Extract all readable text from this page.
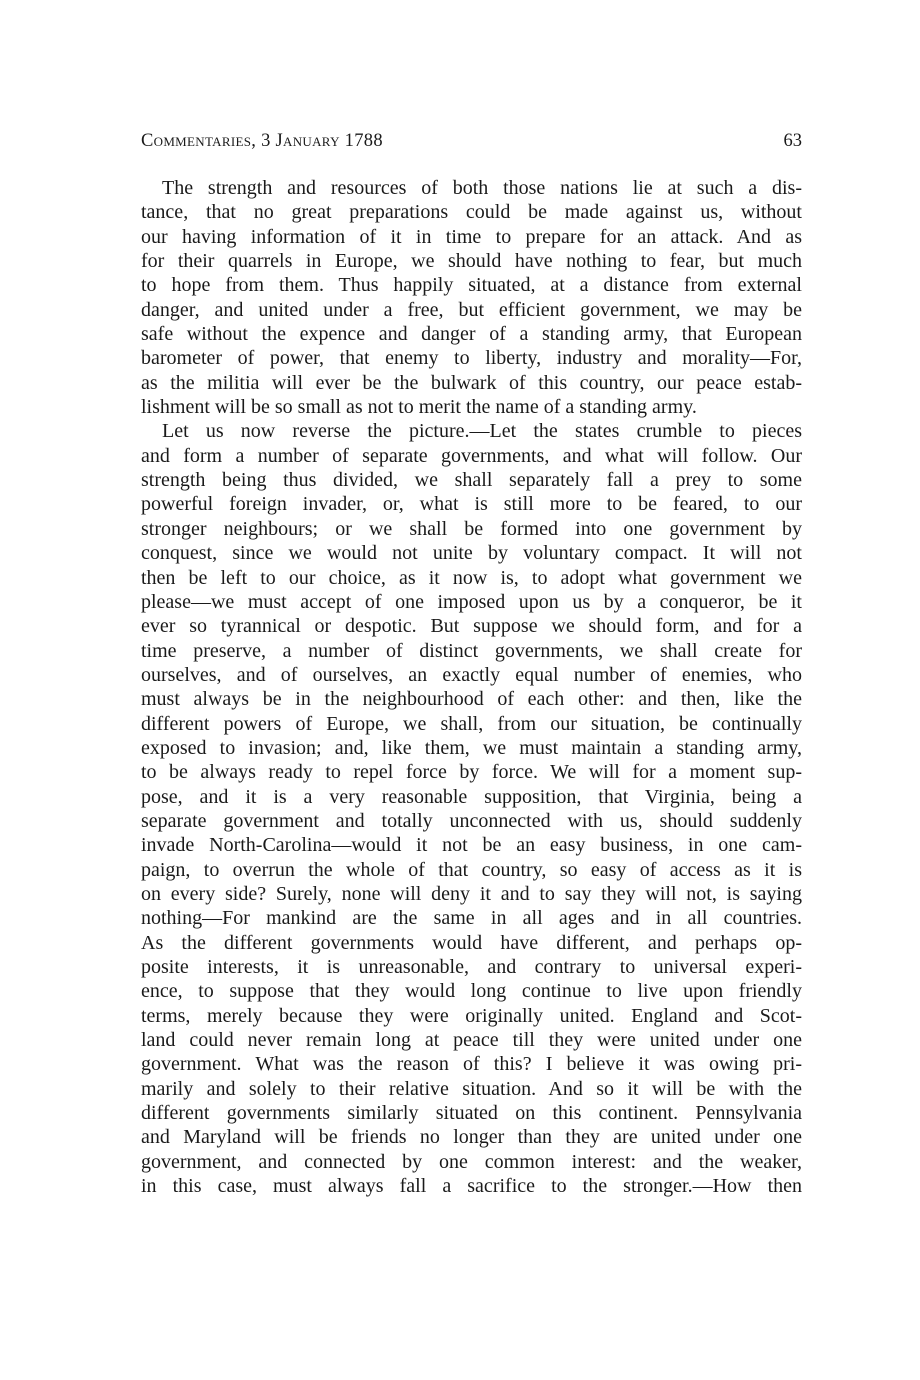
Commentaries, 3 January 1788	63
The strength and resources of both those nations lie at such a dis-
tance, that no great preparations could be made against us, without
our having information of it in time to prepare for an attack. And as
for their quarrels in Europe, we should have nothing to fear, but much
to hope from them. Thus happily situated, at a distance from external
danger, and united under a free, but efficient government, we may be
safe without the expence and danger of a standing army, that European
barometer of power, that enemy to liberty, industry and morality—For,
as the militia will ever be the bulwark of this country, our peace estab-
lishment will be so small as not to merit the name of a standing army.
Let us now reverse the picture.—Let the states crumble to pieces
and form a number of separate governments, and what will follow. Our
strength being thus divided, we shall separately fall a prey to some
powerful foreign invader, or, what is still more to be feared, to our
stronger neighbours; or we shall be formed into one government by
conquest, since we would not unite by voluntary compact. It will not
then be left to our choice, as it now is, to adopt what government we
please—we must accept of one imposed upon us by a conqueror, be it
ever so tyrannical or despotic. But suppose we should form, and for a
time preserve, a number of distinct governments, we shall create for
ourselves, and of ourselves, an exactly equal number of enemies, who
must always be in the neighbourhood of each other: and then, like the
different powers of Europe, we shall, from our situation, be continually
exposed to invasion; and, like them, we must maintain a standing army,
to be always ready to repel force by force. We will for a moment sup-
pose, and it is a very reasonable supposition, that Virginia, being a
separate government and totally unconnected with us, should suddenly
invade North-Carolina—would it not be an easy business, in one cam-
paign, to overrun the whole of that country, so easy of access as it is
on every side? Surely, none will deny it and to say they will not, is saying
nothing—For mankind are the same in all ages and in all countries.
As the different governments would have different, and perhaps op-
posite interests, it is unreasonable, and contrary to universal experi-
ence, to suppose that they would long continue to live upon friendly
terms, merely because they were originally united. England and Scot-
land could never remain long at peace till they were united under one
government. What was the reason of this? I believe it was owing pri-
marily and solely to their relative situation. And so it will be with the
different governments similarly situated on this continent. Pennsylvania
and Maryland will be friends no longer than they are united under one
government, and connected by one common interest: and the weaker,
in this case, must always fall a sacrifice to the stronger.—How then
